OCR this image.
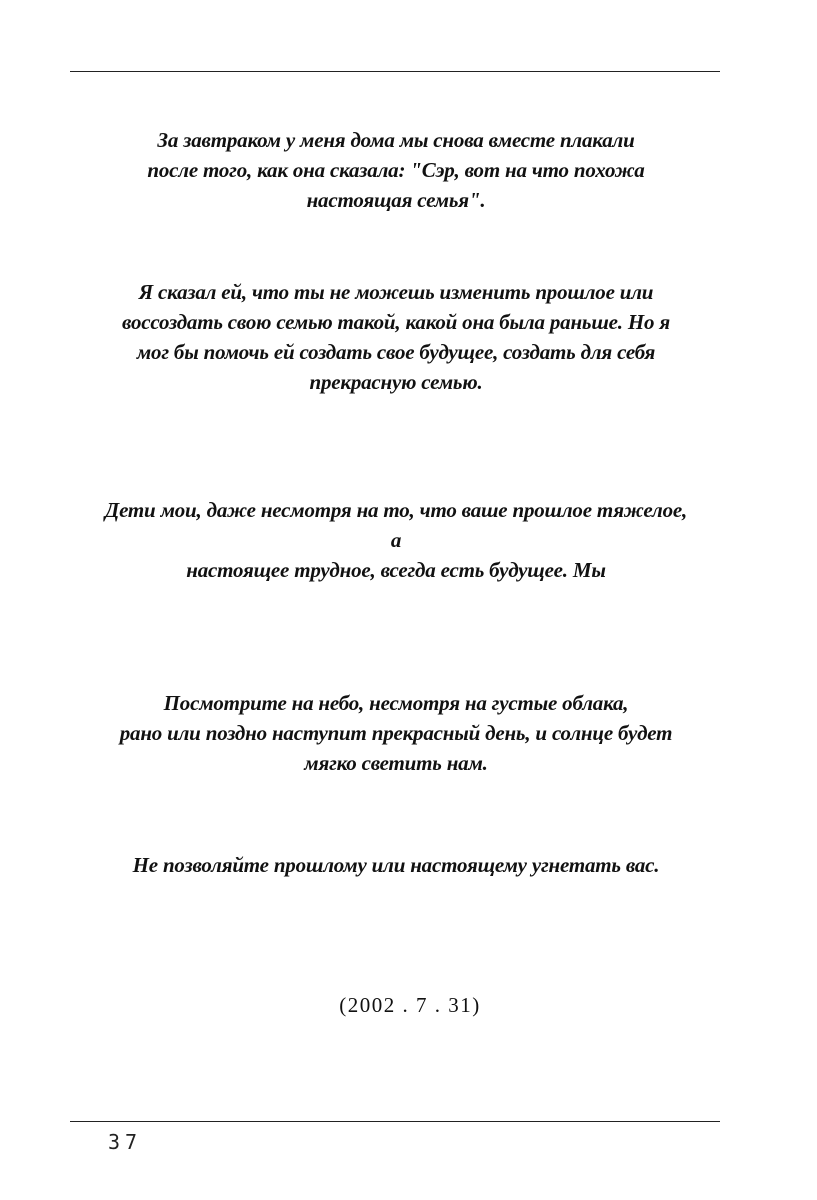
За завтраком у меня дома мы снова вместе плакали
после того, как она сказала: "Сэр, вот на что похожа
настоящая семья".
Я сказал ей, что ты не можешь изменить прошлое или
воссоздать свою семью такой, какой она была раньше. Но я
мог бы помочь ей создать свое будущее, создать для себя
прекрасную семью.
Дети мои, даже несмотря на то, что ваше прошлое тяжелое,
а
настоящее трудное, всегда есть будущее. Мы
Посмотрите на небо, несмотря на густые облака,
рано или поздно наступит прекрасный день, и солнце будет
мягко светить нам.
Не позволяйте прошлому или настоящему угнетать вас.
(2002 . 7 . 31)
37
